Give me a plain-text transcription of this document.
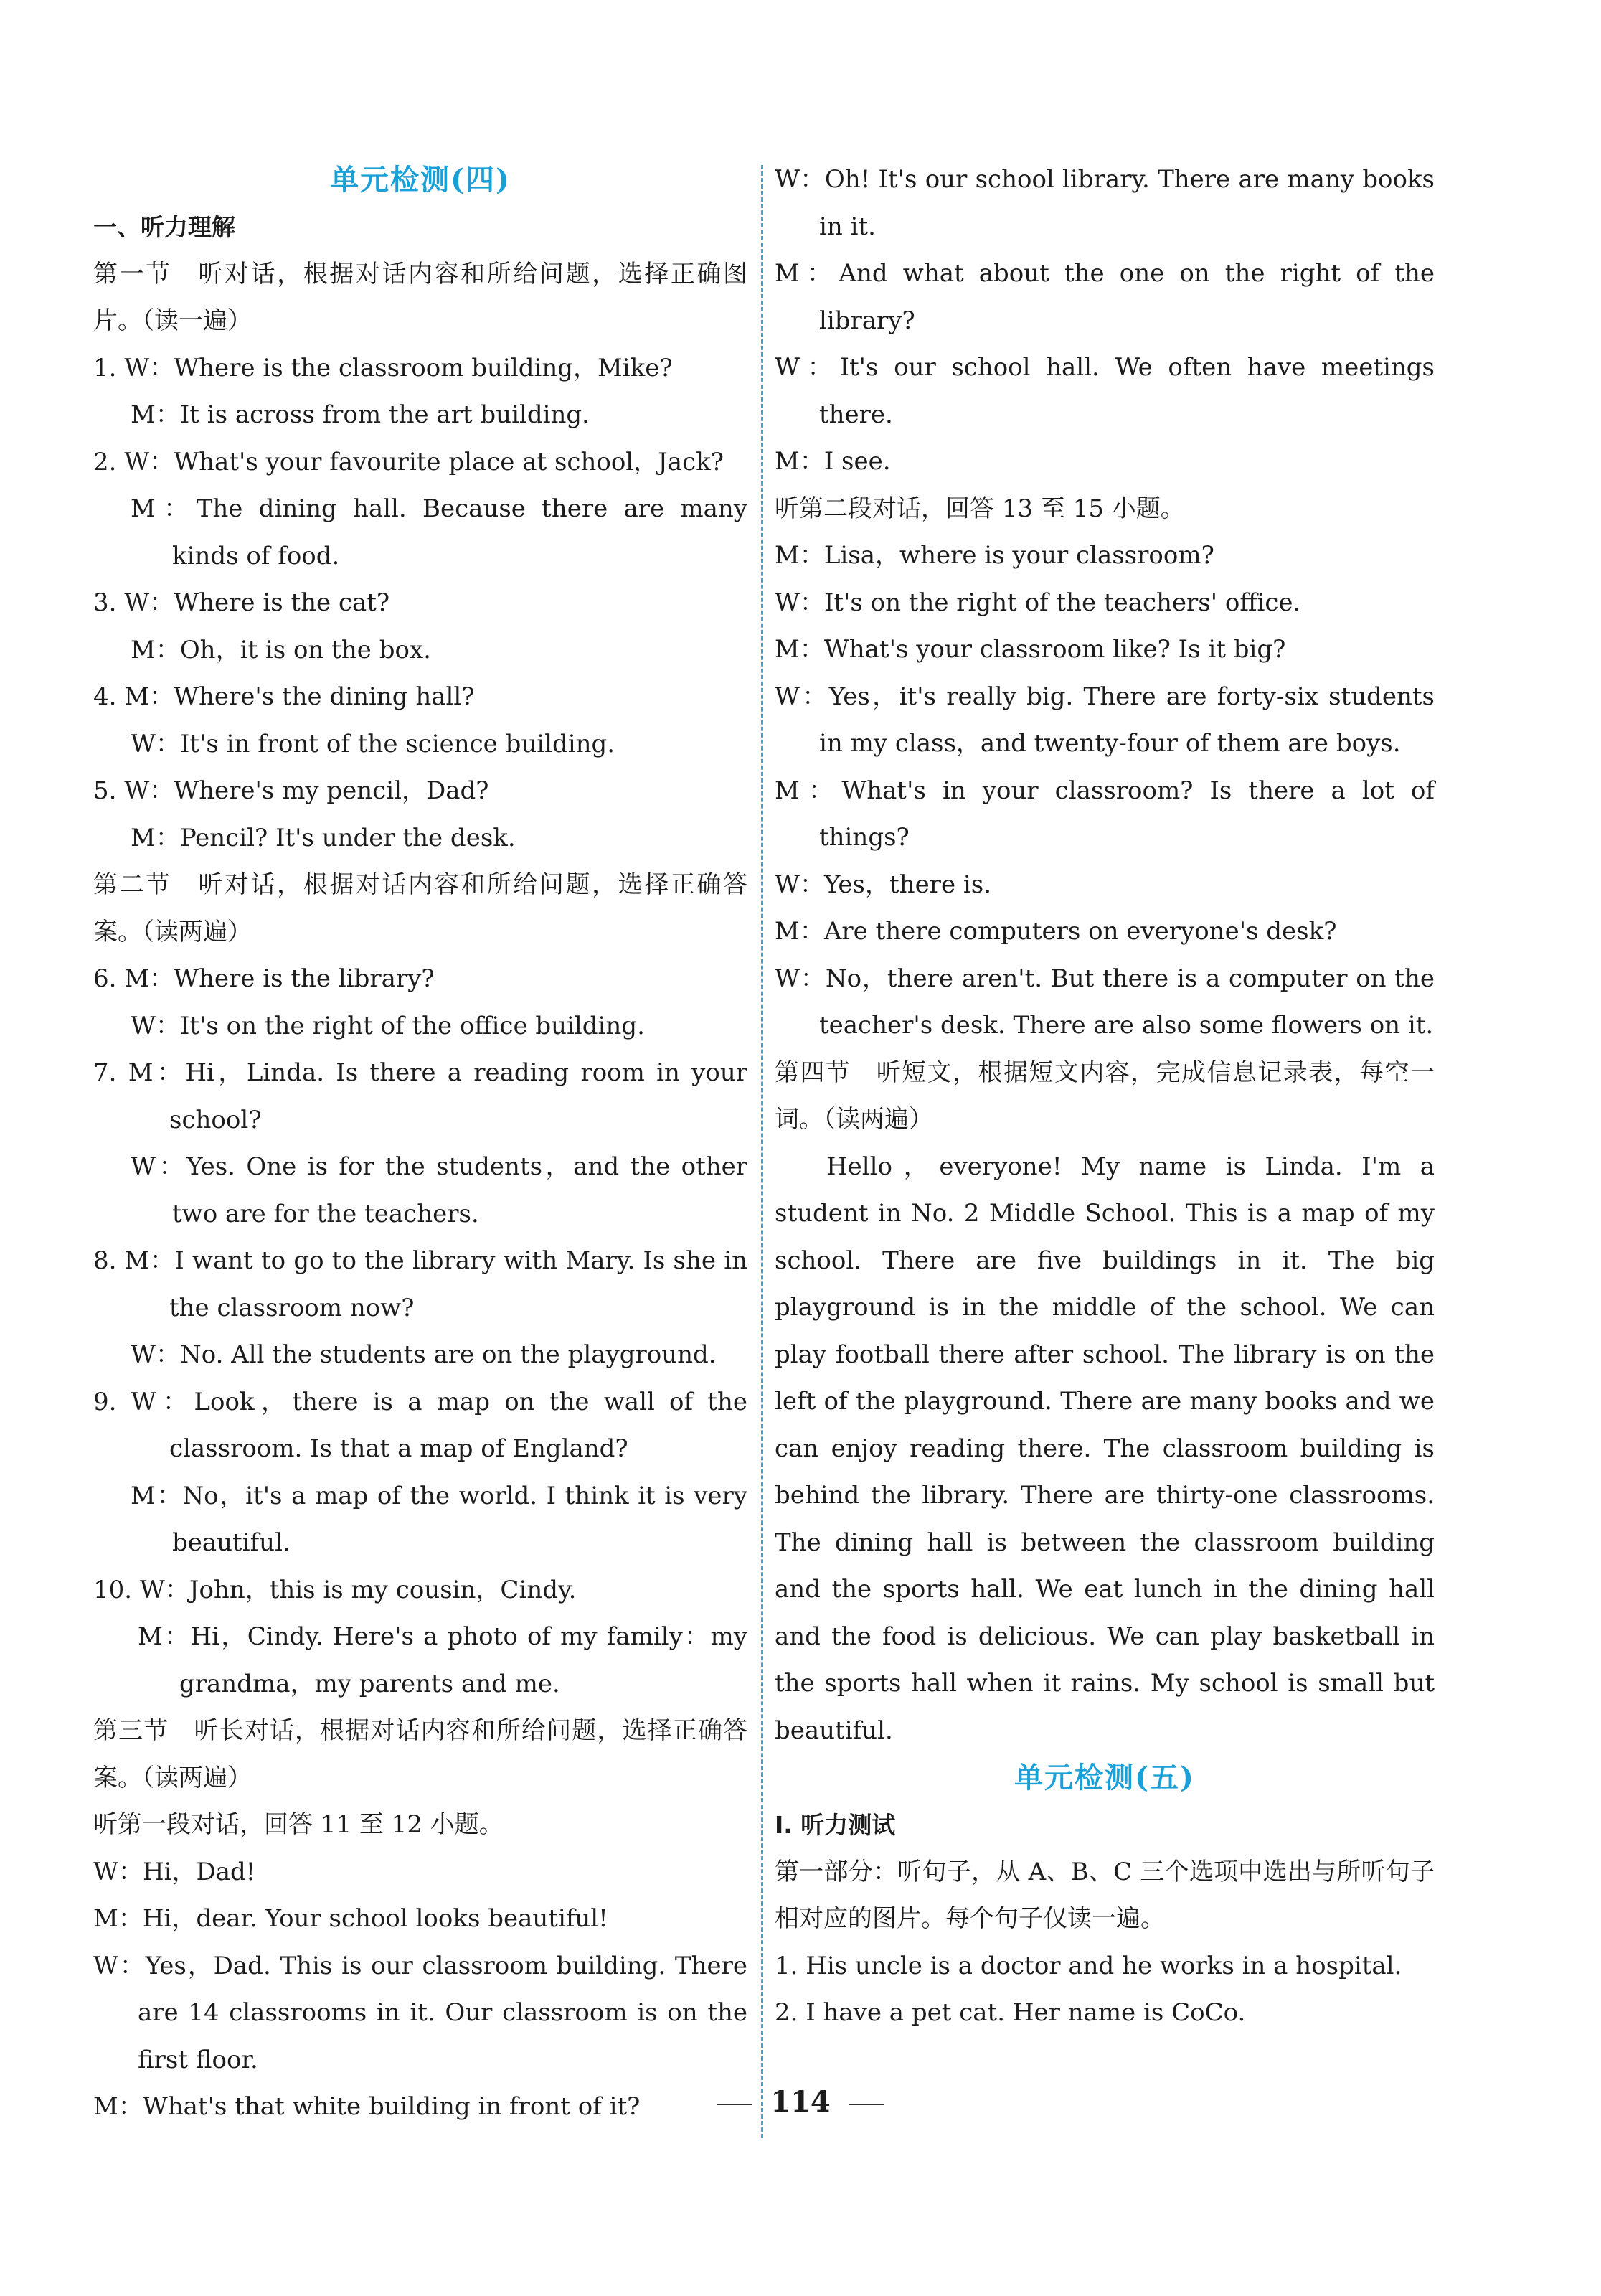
单元检测(四)
一、听力理解
第一节　听对话，根据对话内容和所给问题，选择正确图片。（读一遍）
1. W：Where is the classroom building，Mike?
M：It is across from the art building.
2. W：What's your favourite place at school，Jack?
M：The dining hall. Because there are many kinds of food.
3. W：Where is the cat?
M：Oh，it is on the box.
4. M：Where's the dining hall?
W：It's in front of the science building.
5. W：Where's my pencil，Dad?
M：Pencil? It's under the desk.
第二节　听对话，根据对话内容和所给问题，选择正确答案。（读两遍）
6. M：Where is the library?
W：It's on the right of the office building.
7. M：Hi，Linda. Is there a reading room in your school?
W：Yes. One is for the students，and the other two are for the teachers.
8. M：I want to go to the library with Mary. Is she in the classroom now?
W：No. All the students are on the playground.
9. W：Look，there is a map on the wall of the classroom. Is that a map of England?
M：No，it's a map of the world. I think it is very beautiful.
10. W：John，this is my cousin，Cindy.
M：Hi，Cindy. Here's a photo of my family：my grandma，my parents and me.
第三节　听长对话，根据对话内容和所给问题，选择正确答案。（读两遍）
听第一段对话，回答 11 至 12 小题。
W：Hi，Dad!
M：Hi，dear. Your school looks beautiful!
W：Yes，Dad. This is our classroom building. There are 14 classrooms in it. Our classroom is on the first floor.
M：What's that white building in front of it?
W：Oh! It's our school library. There are many books in it.
M：And what about the one on the right of the library?
W：It's our school hall. We often have meetings there.
M：I see.
听第二段对话，回答 13 至 15 小题。
M：Lisa，where is your classroom?
W：It's on the right of the teachers' office.
M：What's your classroom like? Is it big?
W：Yes，it's really big. There are forty-six students in my class，and twenty-four of them are boys.
M：What's in your classroom? Is there a lot of things?
W：Yes，there is.
M：Are there computers on everyone's desk?
W：No，there aren't. But there is a computer on the teacher's desk. There are also some flowers on it.
第四节　听短文，根据短文内容，完成信息记录表，每空一词。（读两遍）
Hello，everyone! My name is Linda. I'm a student in No. 2 Middle School. This is a map of my school. There are five buildings in it. The big playground is in the middle of the school. We can play football there after school. The library is on the left of the playground. There are many books and we can enjoy reading there. The classroom building is behind the library. There are thirty-one classrooms. The dining hall is between the classroom building and the sports hall. We eat lunch in the dining hall and the food is delicious. We can play basketball in the sports hall when it rains. My school is small but beautiful.
单元检测(五)
Ⅰ. 听力测试
第一部分：听句子，从 A、B、C 三个选项中选出与所听句子相对应的图片。每个句子仅读一遍。
1. His uncle is a doctor and he works in a hospital.
2. I have a pet cat. Her name is CoCo.
114
